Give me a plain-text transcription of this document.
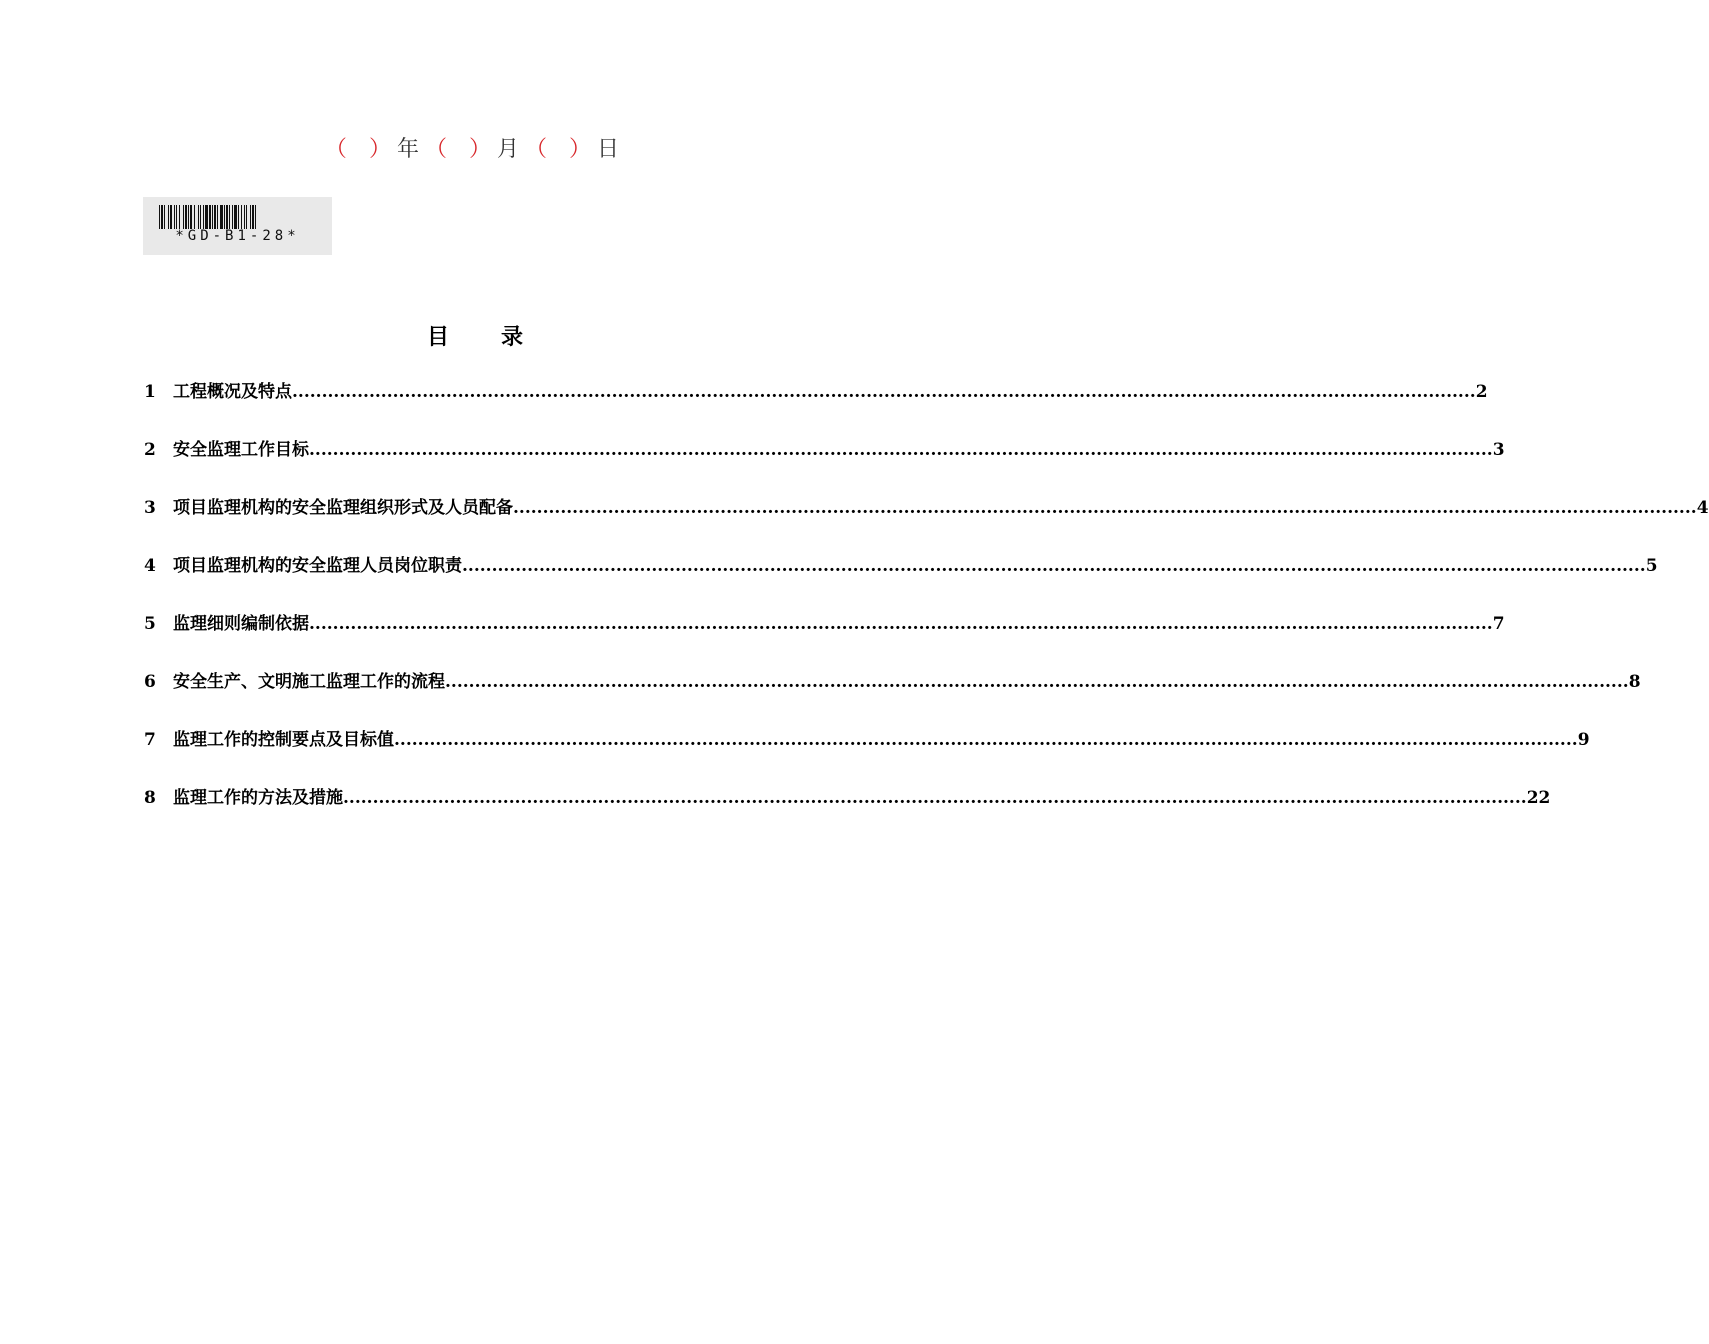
（ ） 年 （ ） 月 （ ） 日
*GD-B1-28*
目 录
1	工程概况及特点 ........................................................................................................................................................................................................ 2
2	安全监理工作目标 ........................................................................................................................................................................................................ 3
3	项目监理机构的安全监理组织形式及人员配备 ........................................................................................................................................................................................................ 4
4	项目监理机构的安全监理人员岗位职责 ........................................................................................................................................................................................................ 5
5	监理细则编制依据 ........................................................................................................................................................................................................ 7
6	安全生产、文明施工监理工作的流程 ........................................................................................................................................................................................................ 8
7	监理工作的控制要点及目标值 ........................................................................................................................................................................................................ 9
8	监理工作的方法及措施 ........................................................................................................................................................................................................ 22
